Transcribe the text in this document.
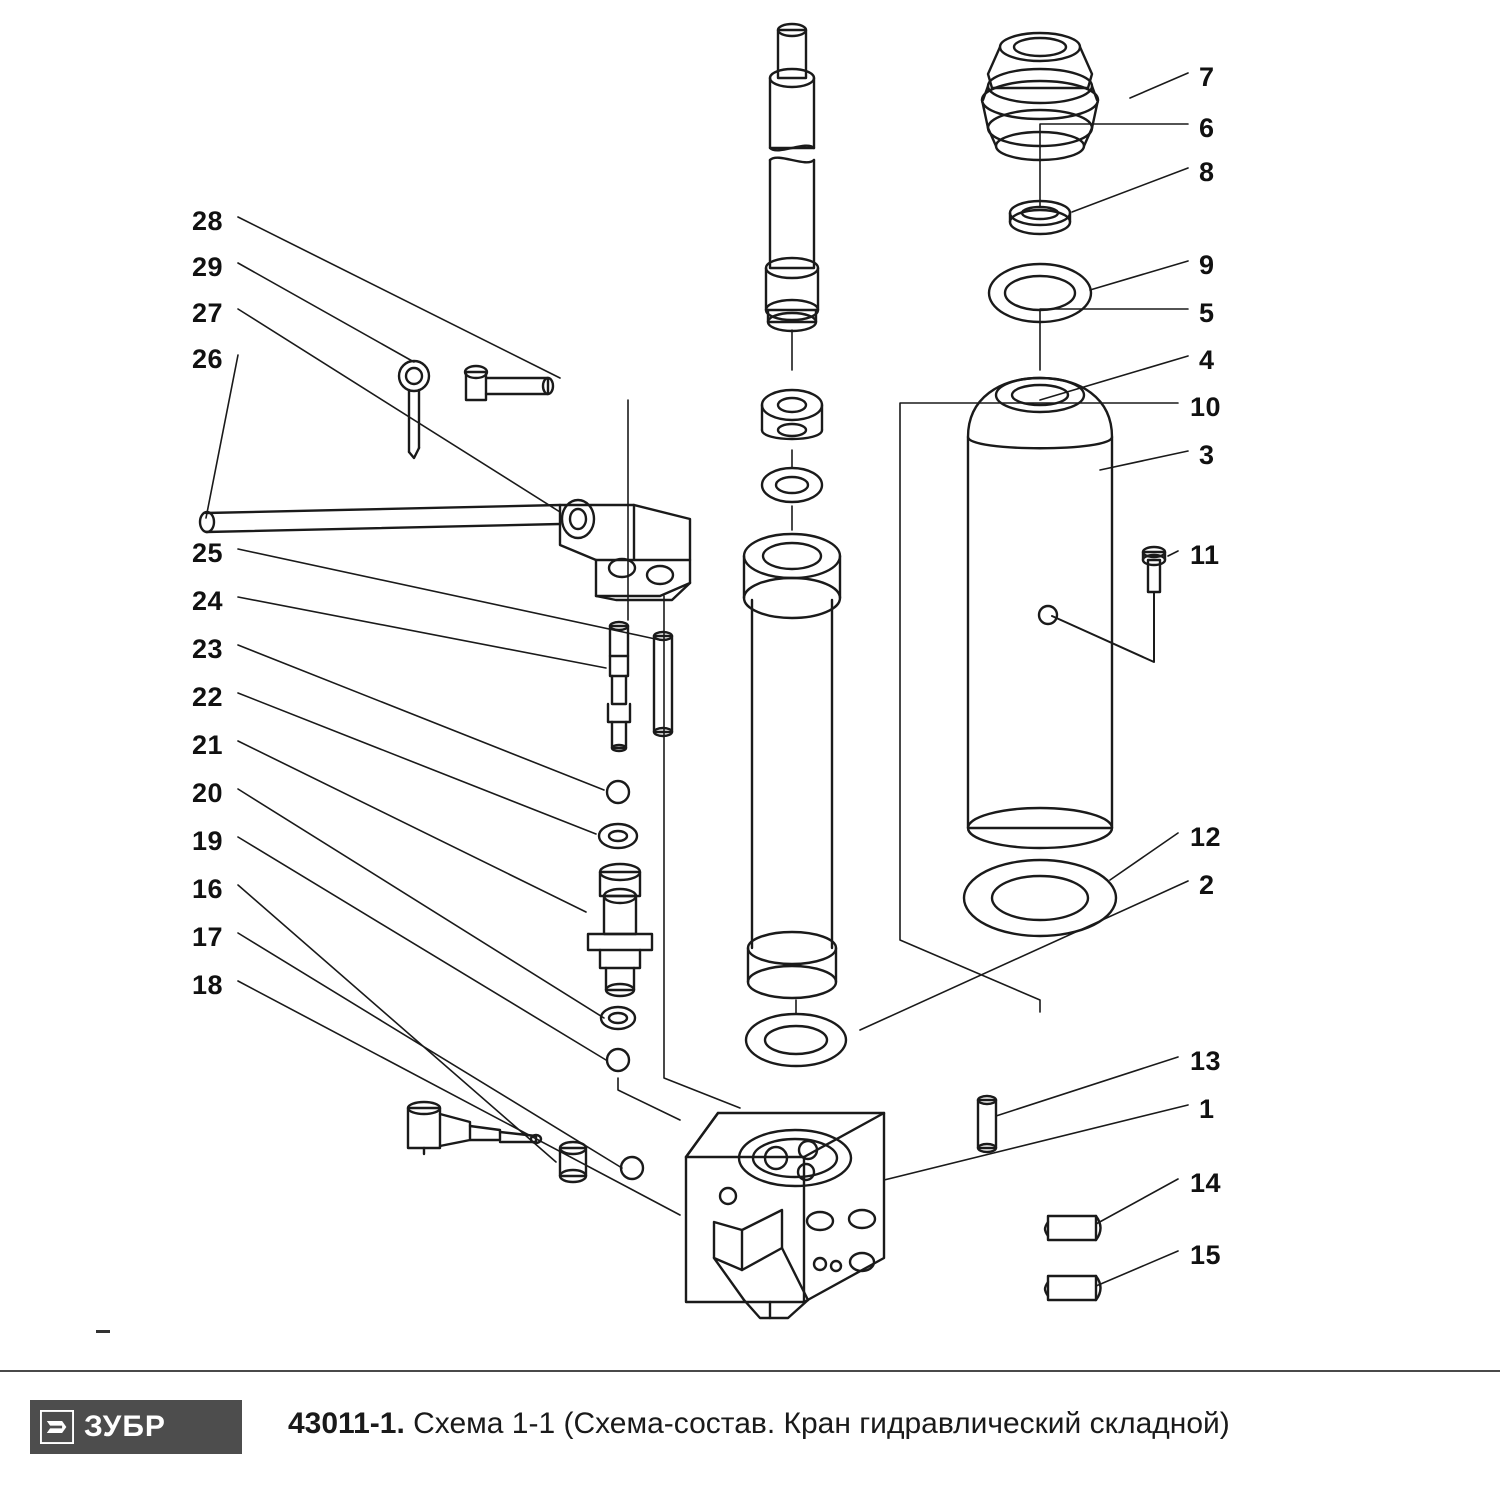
7
6
8
9
5
4
10
3
11
12
2
13
1
14
15
28
29
27
26
25
24
23
22
21
20
19
16
17
18
ЗУБР	43011-1. Схема 1-1 (Схема-состав. Кран гидравлический складной)
